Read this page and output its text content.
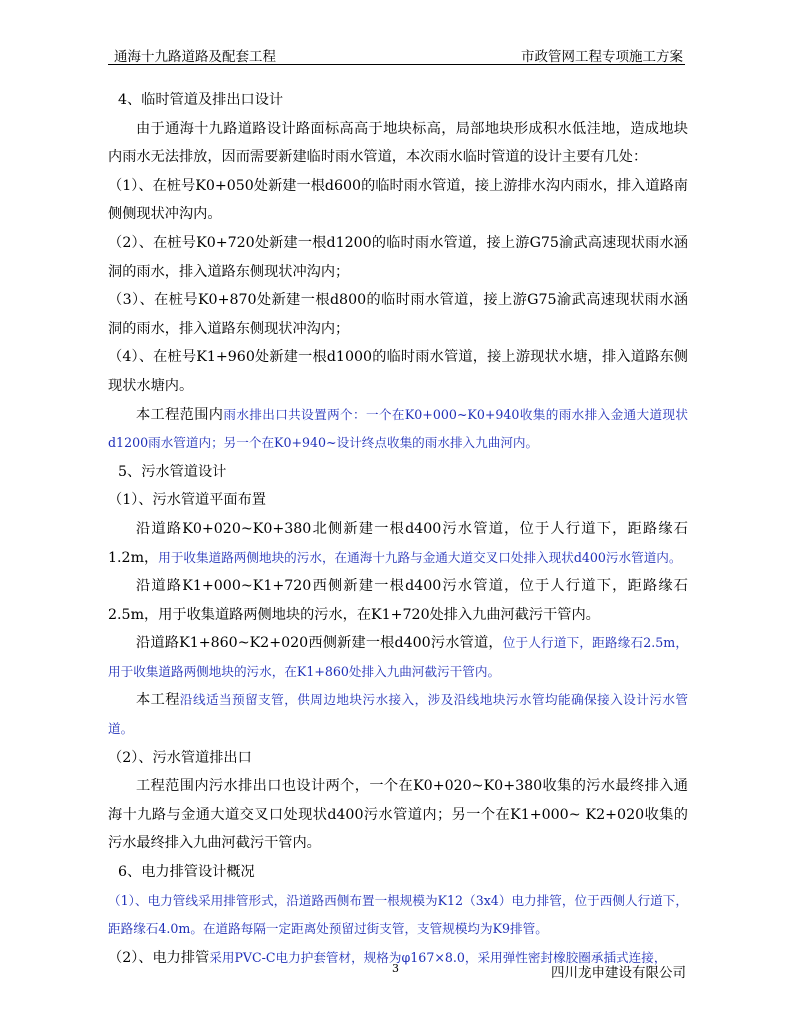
通海十九路道路及配套工程	市政管网工程专项施工方案

4、临时管道及排出口设计

由于通海十九路道路设计路面标高高于地块标高，局部地块形成积水低洼地，造成地块内雨水无法排放，因而需要新建临时雨水管道，本次雨水临时管道的设计主要有几处：

（1）、在桩号K0+050处新建一根d600的临时雨水管道，接上游排水沟内雨水，排入道路南侧侧现状冲沟内。

（2）、在桩号K0+720处新建一根d1200的临时雨水管道，接上游G75渝武高速现状雨水涵洞的雨水，排入道路东侧现状冲沟内；

（3）、在桩号K0+870处新建一根d800的临时雨水管道，接上游G75渝武高速现状雨水涵洞的雨水，排入道路东侧现状冲沟内；

（4）、在桩号K1+960处新建一根d1000的临时雨水管道，接上游现状水塘，排入道路东侧现状水塘内。

本工程范围内雨水排出口共设置两个：一个在K0+000~K0+940收集的雨水排入金通大道现状d1200雨水管道内；另一个在K0+940~设计终点收集的雨水排入九曲河内。

5、污水管道设计

（1）、污水管道平面布置

沿道路K0+020~K0+380北侧新建一根d400污水管道，位于人行道下，距路缘石1.2m，用于收集道路两侧地块的污水，在通海十九路与金通大道交叉口处排入现状d400污水管道内。

沿道路K1+000~K1+720西侧新建一根d400污水管道，位于人行道下，距路缘石2.5m，用于收集道路两侧地块的污水，在K1+720处排入九曲河截污干管内。

沿道路K1+860~K2+020西侧新建一根d400污水管道，位于人行道下，距路缘石2.5m，用于收集道路两侧地块的污水，在K1+860处排入九曲河截污干管内。

本工程沿线适当预留支管，供周边地块污水接入，涉及沿线地块污水管均能确保接入设计污水管道。

（2）、污水管道排出口

工程范围内污水排出口也设计两个，一个在K0+020~K0+380收集的污水最终排入通海十九路与金通大道交叉口处现状d400污水管道内；另一个在K1+000~ K2+020收集的污水最终排入九曲河截污干管内。

6、电力排管设计概况

（1）、电力管线采用排管形式，沿道路西侧布置一根规模为K12（3x4）电力排管，位于西侧人行道下，距路缘石4.0m。在道路每隔一定距离处预留过街支管，支管规模均为K9排管。

（2）、电力排管采用PVC-C电力护套管材，规格为φ167×8.0，采用弹性密封橡胶圈承插式连接，

3	四川龙申建设有限公司
